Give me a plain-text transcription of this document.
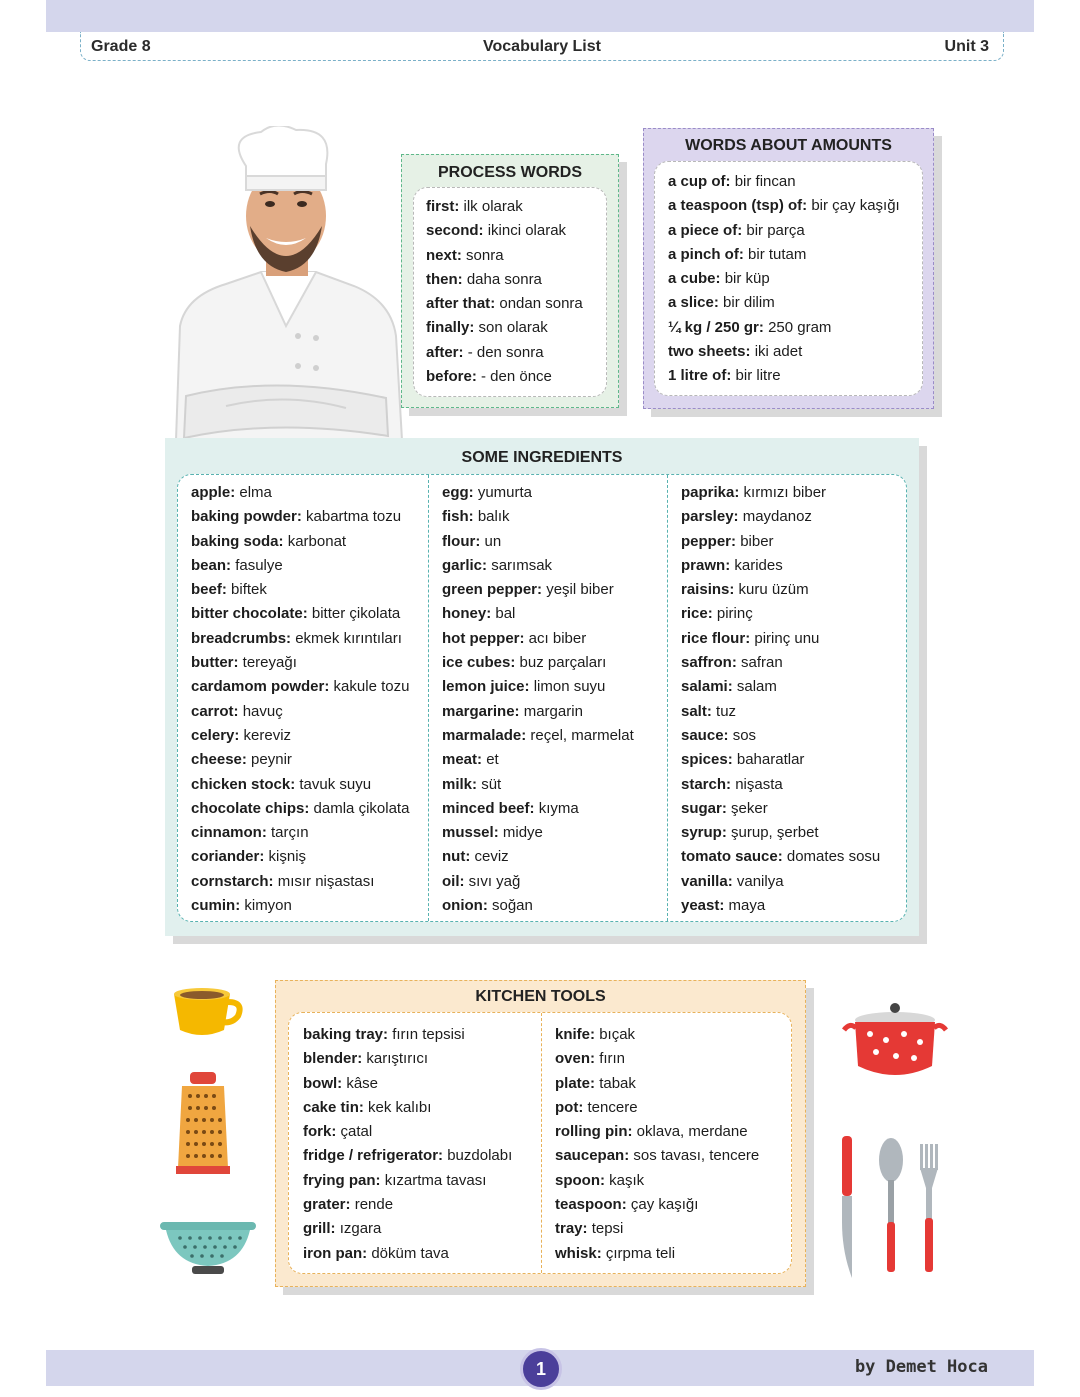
Grade 8	Vocabulary List	Unit 3
PROCESS WORDS
first: ilk olarak
second: ikinci olarak
next: sonra
then: daha sonra
after that: ondan sonra
finally: son olarak
after: - den sonra
before: - den önce
WORDS ABOUT AMOUNTS
a cup of: bir fincan
a teaspoon (tsp) of: bir çay kaşığı
a piece of: bir parça
a pinch of: bir tutam
a cube: bir küp
a slice: bir dilim
¼ kg / 250 gr: 250 gram
two sheets: iki adet
1 litre of: bir litre
SOME INGREDIENTS
apple: elma
baking powder: kabartma tozu
baking soda: karbonat
bean: fasulye
beef: biftek
bitter chocolate: bitter çikolata
breadcrumbs: ekmek kırıntıları
butter: tereyağı
cardamom powder: kakule tozu
carrot: havuç
celery: kereviz
cheese: peynir
chicken stock: tavuk suyu
chocolate chips: damla çikolata
cinnamon: tarçın
coriander: kişniş
cornstarch: mısır nişastası
cumin: kimyon
egg: yumurta
fish: balık
flour: un
garlic: sarımsak
green pepper: yeşil biber
honey: bal
hot pepper: acı biber
ice cubes: buz parçaları
lemon juice: limon suyu
margarine: margarin
marmalade: reçel, marmelat
meat: et
milk: süt
minced beef: kıyma
mussel: midye
nut: ceviz
oil: sıvı yağ
onion: soğan
paprika: kırmızı biber
parsley: maydanoz
pepper: biber
prawn: karides
raisins: kuru üzüm
rice: pirinç
rice flour: pirinç unu
saffron: safran
salami: salam
salt: tuz
sauce: sos
spices: baharatlar
starch: nişasta
sugar: şeker
syrup: şurup, şerbet
tomato sauce: domates sosu
vanilla: vanilya
yeast: maya
KITCHEN TOOLS
baking tray: fırın tepsisi
blender: karıştırıcı
bowl: kâse
cake tin: kek kalıbı
fork: çatal
fridge / refrigerator: buzdolabı
frying pan: kızartma tavası
grater: rende
grill: ızgara
iron pan: döküm tava
knife: bıçak
oven: fırın
plate: tabak
pot: tencere
rolling pin: oklava, merdane
saucepan: sos tavası, tencere
spoon: kaşık
teaspoon: çay kaşığı
tray: tepsi
whisk: çırpma teli
1	by Demet Hoca
